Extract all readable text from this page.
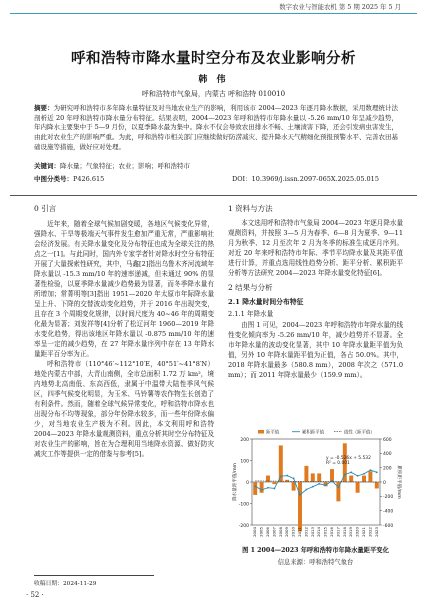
数字农业与智能农机 第 5 期 2025 年 5 月
呼和浩特市降水量时空分布及农业影响分析
韩 伟
呼和浩特市气象局，内蒙古 呼和浩特 010010
摘要：为研究呼和浩特市多年降水量特征及对当地农业生产的影响，利用该市 2004—2023 年逐月降水数据，采用数理统计法剖析近 20 年呼和浩特市降水量分布特征。结果表明，2004—2023 年呼和浩特市年降水量以 -5.26 mm/10 年呈减少趋势，年内降水主要集中于 5—9 月份，以夏季降水最为集中。降水不仅会导致农田排水不畅、土壤渍害下降，还会引发病虫害发生，由此对农业生产的影响严重。为此，呼和浩特市相关部门应继续做好防涝减灾、提升降水天气精细化预报预警水平、完善农田基础设施等措施，做好应对处理。
关键词：降水量；气象特征；农业；影响；呼和浩特市
中图分类号：P426.615	DOI：10.3969/j.issn.2097-065X.2025.05.015
0 引言

近年来，随着全球气候加剧变暖，各地区气候变化异常，强降水、干旱等极端天气事件发生愈加严重无常，严重影响社会经济发展。有关降水量变化及分布特征也成为全球关注的热点之一[1]。与此同时，国内外专家学者针对降水时空分布特征开展了大量探索性研究，其中，马鑫[2]指出乌鲁木齐河流域年降水量以 -15.3 mm/10 年的速率递减，但未通过 90% 的显著性检验，以夏季降水量减少趋势最为显著，而冬季降水量有所增加；常菁明等[3]指出 1951—2020 年太原市年际降水量呈上升、下降的交替波动变化趋势，并于 2016 年出现突变，且存在 3 个周期变化规律，以时间尺度为 40~46 年的周期变化最为显著；刘发祥等[4]分析了松辽河年 1960—2019 年降水变化趋势，得出该地区年降水量以 -0.875 mm/10 年的速率呈一定的减少趋势，在 27 年降水量序列中存在 13 年降水量距平百分率为正。

呼和浩特市（110°46′~112°10′E，40°51′~41°8′N）地处内蒙古中部，大青山南侧，全市总面积 1.72 万 km²，境内地势北高南低、东高西低，隶属于中温带大陆性季风气候区，四季气候变化明显，为玉米、马铃薯等农作物生长创造了有利条件。然而，随着全球气候异常变化，呼和浩特市降水也出现分布不均等现象，部分年份降水较多，而一些年份降水偏少，对当地农业生产极为不利。因此，本文利用呼和浩特 2004—2023 年降水量观测资料，重点分析其时空分布特征及对农业生产的影响，旨在为合理利用当地降水资源、做好防灾减灾工作等提供一定的借鉴与参考[5]。

1 资料与方法

本文选用呼和浩特市气象局 2004—2023 年逐月降水量观测资料，并按照 3—5 月为春季、6—8 月为夏季、9—11 月为秋季、12 月至次年 2 月为冬季的标准生成逐月序列。对近 20 年来呼和浩特市年际、季节平均降水量及其距平值进行计算，并重点选用线性趋势分析、距平分析、累积距平分析等方法研究 2004—2023 年降水量变化特征[6]。

2 结果与分析
2.1 降水量时间分布特征
2.1.1 年降水量

由图 1 可见，2004—2023 年呼和浩特市年降水量的线性变化倾向率为 -5.26 mm/10 年，减少趋势并不显著。全市年降水量的波动变化显著，其中 10 年降水量距平值为负值，另外 10 年降水量距平值为正值，各占 50.0%。其中，2018 年降水量最多（580.8 mm），2008 年次之（571.0 mm）；而 2011 年降水量最少（159.9 mm）。

-200
-100
0
100
200
-600
-400
-200
0
200
400
600
降水量距平值/mm	累积距平值/mm
y = -0.526x + 5.532
R² = 0.001
2004 2005 2006 2007 2008 2009 2010 2011 2012 2013 2014 2015 2016 2017 2018 2019 2020 2021 2022 2023
距平值	累积距平值	线性（距平值）
图 1 2004—2023 年呼和浩特市年降水量距平变化
信息来源：呼和浩特气象台
收稿日期：2024-11-29
· 52 ·
